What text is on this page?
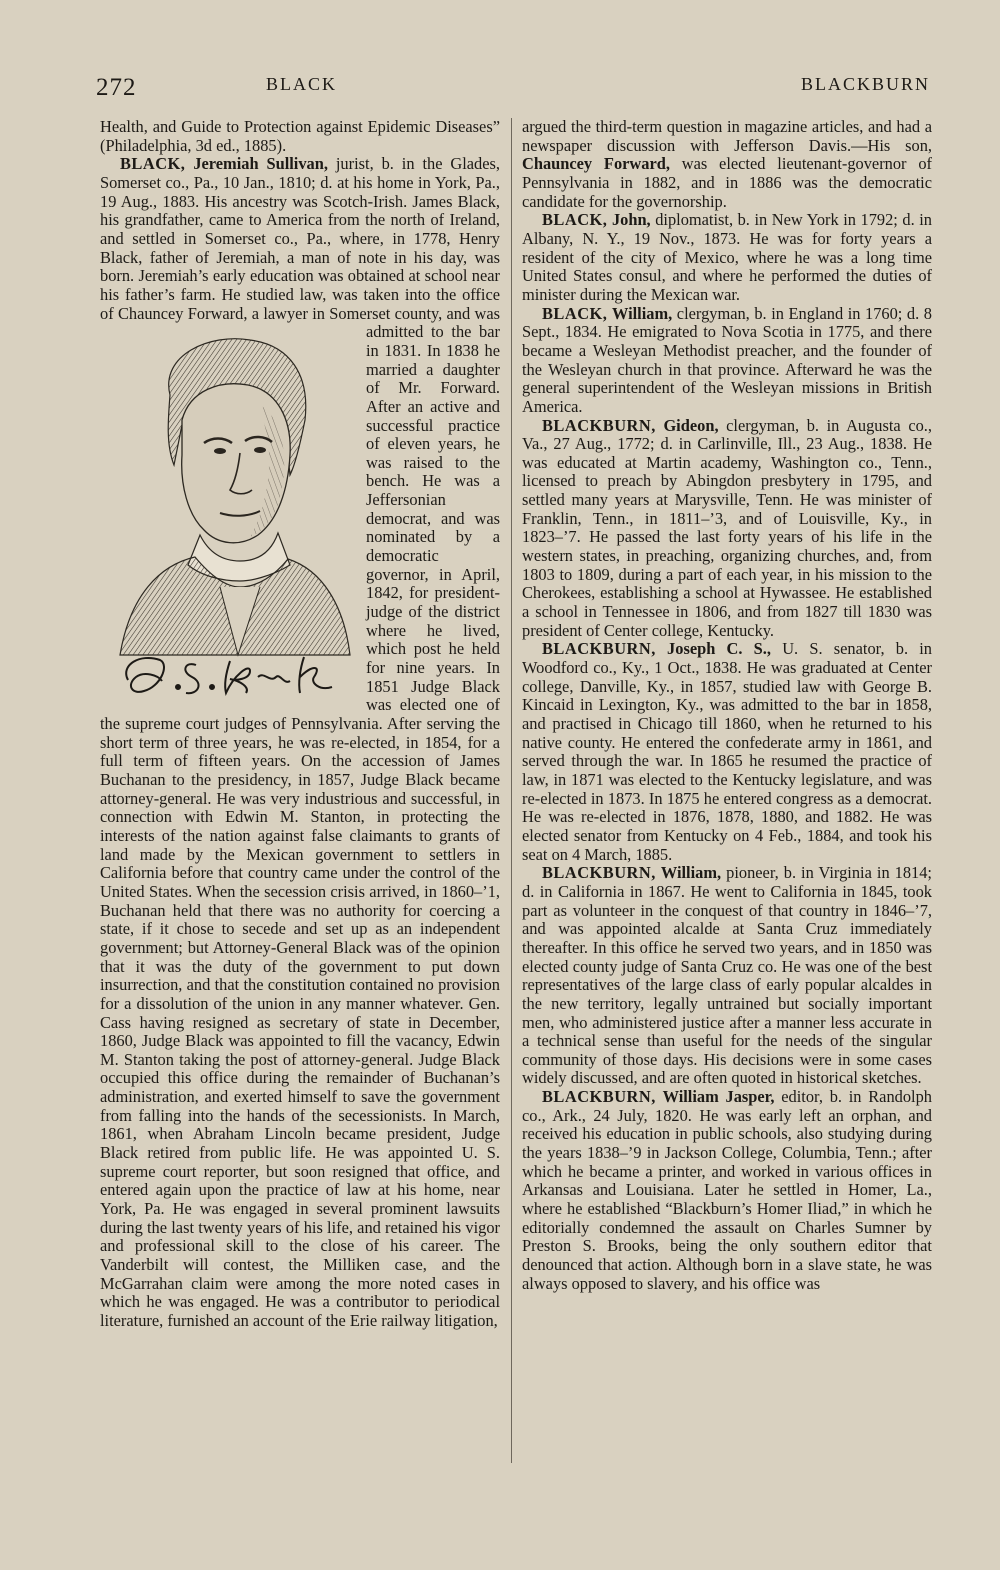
272	BLACK	BLACKBURN

Health, and Guide to Protection against Epidemic Diseases” (Philadelphia, 3d ed., 1885).

BLACK, Jeremiah Sullivan, jurist, b. in the Glades, Somerset co., Pa., 10 Jan., 1810; d. at his home in York, Pa., 19 Aug., 1883. His ancestry was Scotch-Irish. James Black, his grandfather, came to America from the north of Ireland, and settled in Somerset co., Pa., where, in 1778, Henry Black, father of Jeremiah, a man of note in his day, was born. Jeremiah’s early education was obtained at school near his father’s farm. He studied law, was taken into the office of Chauncey Forward, a lawyer in Somerset county, and was admitted to the bar in 1831. In 1838 he married a daughter of Mr. Forward. After an active and successful practice of eleven years, he was raised to the bench. He was a Jeffersonian democrat, and was nominated by a democratic governor, in April, 1842, for president-judge of the district where he lived, which post he held for nine years. In 1851 Judge Black was elected one of the supreme court judges of Pennsylvania. After serving the short term of three years, he was re-elected, in 1854, for a full term of fifteen years. On the accession of James Buchanan to the presidency, in 1857, Judge Black became attorney-general. He was very industrious and successful, in connection with Edwin M. Stanton, in protecting the interests of the nation against false claimants to grants of land made by the Mexican government to settlers in California before that country came under the control of the United States. When the secession crisis arrived, in 1860–’1, Buchanan held that there was no authority for coercing a state, if it chose to secede and set up as an independent government; but Attorney-General Black was of the opinion that it was the duty of the government to put down insurrection, and that the constitution contained no provision for a dissolution of the union in any manner whatever. Gen. Cass having resigned as secretary of state in December, 1860, Judge Black was appointed to fill the vacancy, Edwin M. Stanton taking the post of attorney-general. Judge Black occupied this office during the remainder of Buchanan’s administration, and exerted himself to save the government from falling into the hands of the secessionists. In March, 1861, when Abraham Lincoln became president, Judge Black retired from public life. He was appointed U. S. supreme court reporter, but soon resigned that office, and entered again upon the practice of law at his home, near York, Pa. He was engaged in several prominent lawsuits during the last twenty years of his life, and retained his vigor and professional skill to the close of his career. The Vanderbilt will contest, the Milliken case, and the McGarrahan claim were among the more noted cases in which he was engaged. He was a contributor to periodical literature, furnished an account of the Erie railway litigation,

argued the third-term question in magazine articles, and had a newspaper discussion with Jefferson Davis.—His son, Chauncey Forward, was elected lieutenant-governor of Pennsylvania in 1882, and in 1886 was the democratic candidate for the governorship.

BLACK, John, diplomatist, b. in New York in 1792; d. in Albany, N. Y., 19 Nov., 1873. He was for forty years a resident of the city of Mexico, where he was a long time United States consul, and where he performed the duties of minister during the Mexican war.

BLACK, William, clergyman, b. in England in 1760; d. 8 Sept., 1834. He emigrated to Nova Scotia in 1775, and there became a Wesleyan Methodist preacher, and the founder of the Wesleyan church in that province. Afterward he was the general superintendent of the Wesleyan missions in British America.

BLACKBURN, Gideon, clergyman, b. in Augusta co., Va., 27 Aug., 1772; d. in Carlinville, Ill., 23 Aug., 1838. He was educated at Martin academy, Washington co., Tenn., licensed to preach by Abingdon presbytery in 1795, and settled many years at Marysville, Tenn. He was minister of Franklin, Tenn., in 1811–’3, and of Louisville, Ky., in 1823–’7. He passed the last forty years of his life in the western states, in preaching, organizing churches, and, from 1803 to 1809, during a part of each year, in his mission to the Cherokees, establishing a school at Hywassee. He established a school in Tennessee in 1806, and from 1827 till 1830 was president of Center college, Kentucky.

BLACKBURN, Joseph C. S., U. S. senator, b. in Woodford co., Ky., 1 Oct., 1838. He was graduated at Center college, Danville, Ky., in 1857, studied law with George B. Kincaid in Lexington, Ky., was admitted to the bar in 1858, and practised in Chicago till 1860, when he returned to his native county. He entered the confederate army in 1861, and served through the war. In 1865 he resumed the practice of law, in 1871 was elected to the Kentucky legislature, and was re-elected in 1873. In 1875 he entered congress as a democrat. He was re-elected in 1876, 1878, 1880, and 1882. He was elected senator from Kentucky on 4 Feb., 1884, and took his seat on 4 March, 1885.

BLACKBURN, William, pioneer, b. in Virginia in 1814; d. in California in 1867. He went to California in 1845, took part as volunteer in the conquest of that country in 1846–’7, and was appointed alcalde at Santa Cruz immediately thereafter. In this office he served two years, and in 1850 was elected county judge of Santa Cruz co. He was one of the best representatives of the large class of early popular alcaldes in the new territory, legally untrained but socially important men, who administered justice after a manner less accurate in a technical sense than useful for the needs of the singular community of those days. His decisions were in some cases widely discussed, and are often quoted in historical sketches.

BLACKBURN, William Jasper, editor, b. in Randolph co., Ark., 24 July, 1820. He was early left an orphan, and received his education in public schools, also studying during the years 1838–’9 in Jackson College, Columbia, Tenn.; after which he became a printer, and worked in various offices in Arkansas and Louisiana. Later he settled in Homer, La., where he established “Blackburn’s Homer Iliad,” in which he editorially condemned the assault on Charles Sumner by Preston S. Brooks, being the only southern editor that denounced that action. Although born in a slave state, he was always opposed to slavery, and his office was
